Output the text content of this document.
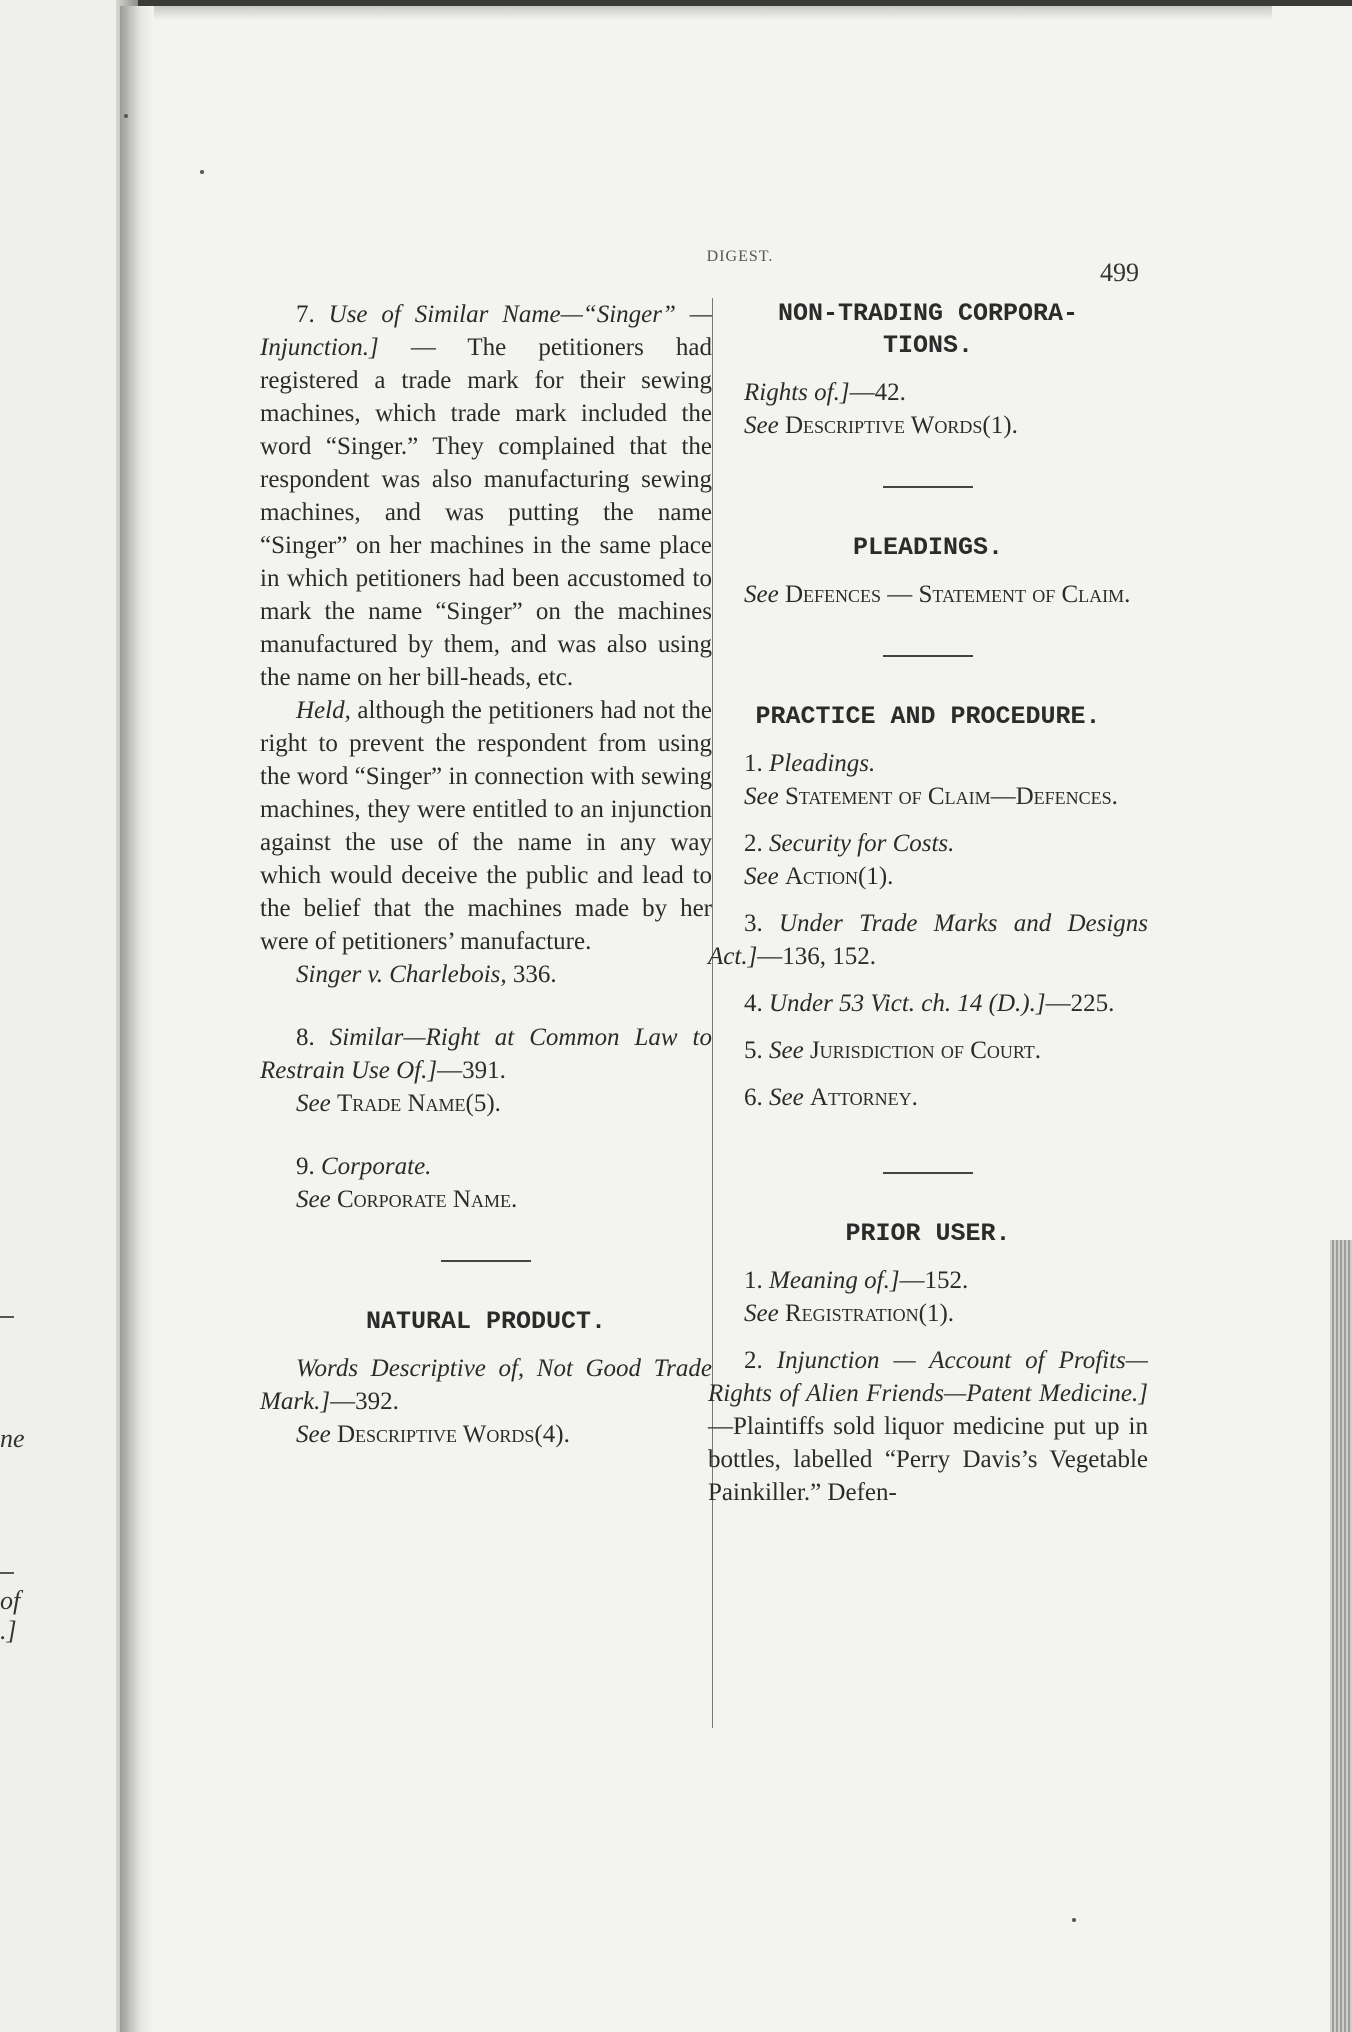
ne
of
.]
DIGEST.
499

7. Use of Similar Name—“Singer” — Injunction.] — The petitioners had registered a trade mark for their sewing machines, which trade mark included the word “Singer.” They complained that the respondent was also manufacturing sewing machines, and was putting the name “Singer” on her machines in the same place in which petitioners had been accustomed to mark the name “Singer” on the machines manufactured by them, and was also using the name on her bill-heads, etc.

Held, although the petitioners had not the right to prevent the respondent from using the word “Singer” in connection with sewing machines, they were entitled to an injunction against the use of the name in any way which would deceive the public and lead to the belief that the machines made by her were of petitioners’ manufacture.

Singer v. Charlebois, 336.

8. Similar—Right at Common Law to Restrain Use Of.]—391.

See Trade Name(5).

9. Corporate.

See Corporate Name.

NATURAL PRODUCT.

Words Descriptive of, Not Good Trade Mark.]—392.

See Descriptive Words(4).

NON-TRADING CORPORA-
TIONS.

Rights of.]—42.

See Descriptive Words(1).

PLEADINGS.

See Defences — Statement of Claim.

PRACTICE AND PROCEDURE.

1. Pleadings.

See Statement of Claim—Defences.

2. Security for Costs.

See Action(1).

3. Under Trade Marks and Designs Act.]—136, 152.

4. Under 53 Vict. ch. 14 (D.).]—225.

5. See Jurisdiction of Court.

6. See Attorney.

PRIOR USER.

1. Meaning of.]—152.

See Registration(1).

2. Injunction — Account of Profits—Rights of Alien Friends—Patent Medicine.]—Plaintiffs sold liquor medicine put up in bottles, labelled “Perry Davis’s Vegetable Painkiller.” Defen-
